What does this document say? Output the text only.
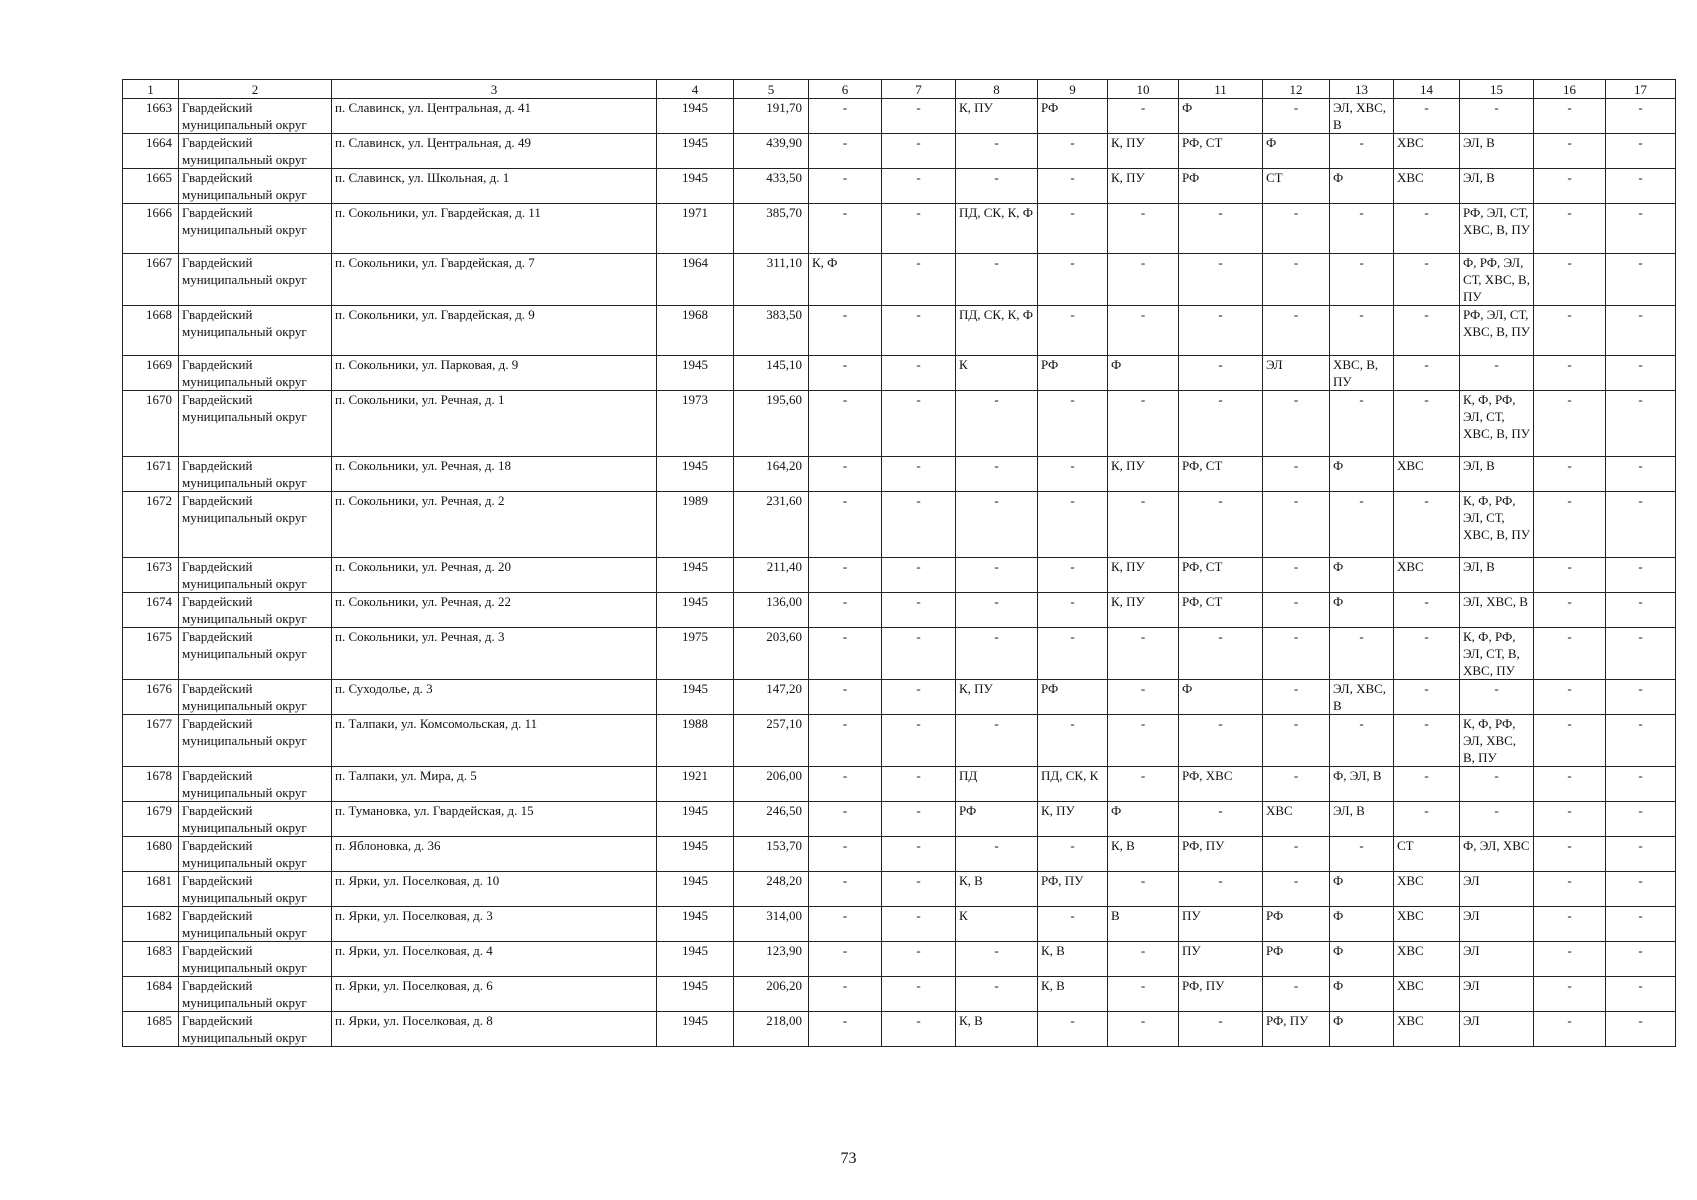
1	2	3	4	5	6	7	8	9	10	11	12	13	14	15	16	17
1663	Гвардейский муниципальный округ	п. Славинск, ул. Центральная, д. 41	1945	191,70	-	-	К, ПУ	РФ	-	Ф	-	ЭЛ, ХВС, В	-	-	-	-
1664	Гвардейский муниципальный округ	п. Славинск, ул. Центральная, д. 49	1945	439,90	-	-	-	-	К, ПУ	РФ, СТ	Ф	-	ХВС	ЭЛ, В	-	-
1665	Гвардейский муниципальный округ	п. Славинск, ул. Школьная, д. 1	1945	433,50	-	-	-	-	К, ПУ	РФ	СТ	Ф	ХВС	ЭЛ, В	-	-
1666	Гвардейский муниципальный округ	п. Сокольники, ул. Гвардейская, д. 11	1971	385,70	-	-	ПД, СК, К, Ф	-	-	-	-	-	-	РФ, ЭЛ, СТ, ХВС, В, ПУ	-	-
1667	Гвардейский муниципальный округ	п. Сокольники, ул. Гвардейская, д. 7	1964	311,10	К, Ф	-	-	-	-	-	-	-	-	Ф, РФ, ЭЛ, СТ, ХВС, В, ПУ	-	-
1668	Гвардейский муниципальный округ	п. Сокольники, ул. Гвардейская, д. 9	1968	383,50	-	-	ПД, СК, К, Ф	-	-	-	-	-	-	РФ, ЭЛ, СТ, ХВС, В, ПУ	-	-
1669	Гвардейский муниципальный округ	п. Сокольники, ул. Парковая, д. 9	1945	145,10	-	-	К	РФ	Ф	-	ЭЛ	ХВС, В, ПУ	-	-	-	-
1670	Гвардейский муниципальный округ	п. Сокольники, ул. Речная, д. 1	1973	195,60	-	-	-	-	-	-	-	-	-	К, Ф, РФ, ЭЛ, СТ, ХВС, В, ПУ	-	-
1671	Гвардейский муниципальный округ	п. Сокольники, ул. Речная, д. 18	1945	164,20	-	-	-	-	К, ПУ	РФ, СТ	-	Ф	ХВС	ЭЛ, В	-	-
1672	Гвардейский муниципальный округ	п. Сокольники, ул. Речная, д. 2	1989	231,60	-	-	-	-	-	-	-	-	-	К, Ф, РФ, ЭЛ, СТ, ХВС, В, ПУ	-	-
1673	Гвардейский муниципальный округ	п. Сокольники, ул. Речная, д. 20	1945	211,40	-	-	-	-	К, ПУ	РФ, СТ	-	Ф	ХВС	ЭЛ, В	-	-
1674	Гвардейский муниципальный округ	п. Сокольники, ул. Речная, д. 22	1945	136,00	-	-	-	-	К, ПУ	РФ, СТ	-	Ф	-	ЭЛ, ХВС, В	-	-
1675	Гвардейский муниципальный округ	п. Сокольники, ул. Речная, д. 3	1975	203,60	-	-	-	-	-	-	-	-	-	К, Ф, РФ, ЭЛ, СТ, В, ХВС, ПУ	-	-
1676	Гвардейский муниципальный округ	п. Суходолье, д. 3	1945	147,20	-	-	К, ПУ	РФ	-	Ф	-	ЭЛ, ХВС, В	-	-	-	-
1677	Гвардейский муниципальный округ	п. Талпаки, ул. Комсомольская, д. 11	1988	257,10	-	-	-	-	-	-	-	-	-	К, Ф, РФ, ЭЛ, ХВС, В, ПУ	-	-
1678	Гвардейский муниципальный округ	п. Талпаки, ул. Мира, д. 5	1921	206,00	-	-	ПД	ПД, СК, К	-	РФ, ХВС	-	Ф, ЭЛ, В	-	-	-	-
1679	Гвардейский муниципальный округ	п. Тумановка, ул. Гвардейская, д. 15	1945	246,50	-	-	РФ	К, ПУ	Ф	-	ХВС	ЭЛ, В	-	-	-	-
1680	Гвардейский муниципальный округ	п. Яблоновка, д. 36	1945	153,70	-	-	-	-	К, В	РФ, ПУ	-	-	СТ	Ф, ЭЛ, ХВС	-	-
1681	Гвардейский муниципальный округ	п. Ярки, ул. Поселковая, д. 10	1945	248,20	-	-	К, В	РФ, ПУ	-	-	-	Ф	ХВС	ЭЛ	-	-
1682	Гвардейский муниципальный округ	п. Ярки, ул. Поселковая, д. 3	1945	314,00	-	-	К	-	В	ПУ	РФ	Ф	ХВС	ЭЛ	-	-
1683	Гвардейский муниципальный округ	п. Ярки, ул. Поселковая, д. 4	1945	123,90	-	-	-	К, В	-	ПУ	РФ	Ф	ХВС	ЭЛ	-	-
1684	Гвардейский муниципальный округ	п. Ярки, ул. Поселковая, д. 6	1945	206,20	-	-	-	К, В	-	РФ, ПУ	-	Ф	ХВС	ЭЛ	-	-
1685	Гвардейский муниципальный округ	п. Ярки, ул. Поселковая, д. 8	1945	218,00	-	-	К, В	-	-	-	РФ, ПУ	Ф	ХВС	ЭЛ	-	-
73
